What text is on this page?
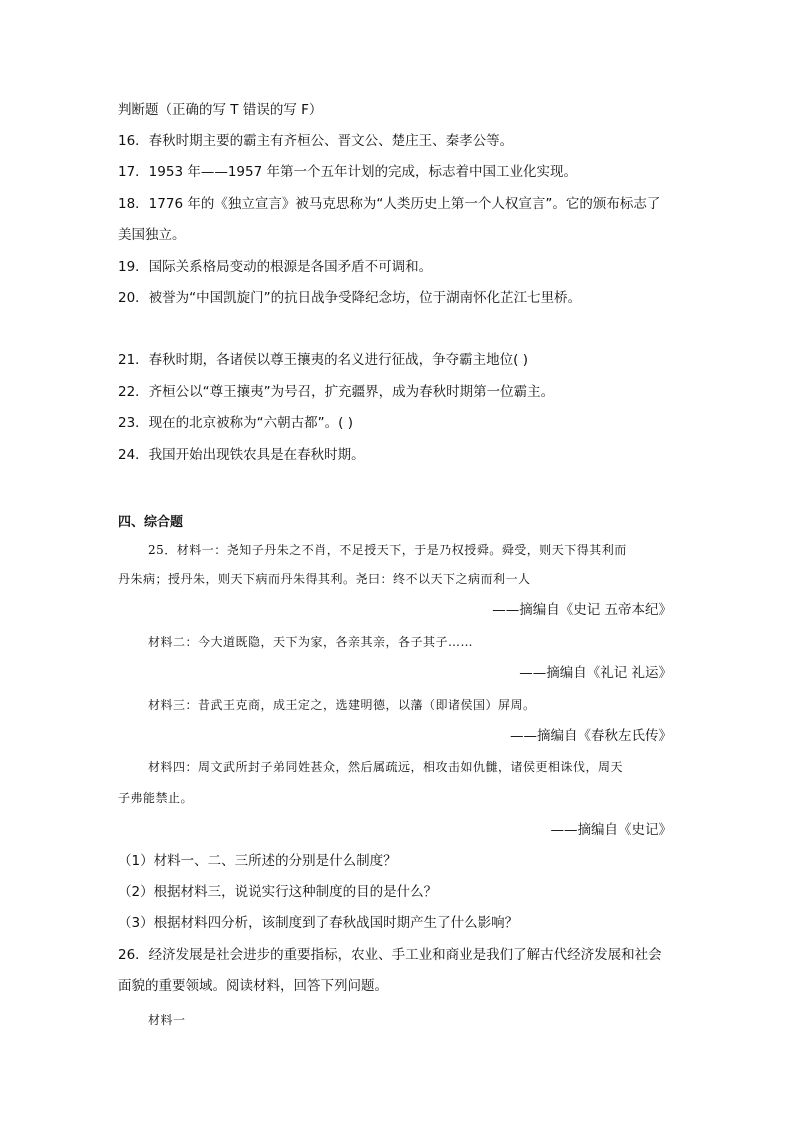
判断题（正确的写 T 错误的写 F）
16．春秋时期主要的霸主有齐桓公、晋文公、楚庄王、秦孝公等。
17．1953 年——1957 年第一个五年计划的完成，标志着中国工业化实现。
18．1776 年的《独立宣言》被马克思称为“人类历史上第一个人权宣言”。它的颁布标志了
美国独立。
19．国际关系格局变动的根源是各国矛盾不可调和。
20．被誉为“中国凯旋门”的抗日战争受降纪念坊，位于湖南怀化芷江七里桥。
21．春秋时期，各诸侯以尊王攘夷的名义进行征战，争夺霸主地位( )
22．齐桓公以“尊王攘夷”为号召，扩充疆界，成为春秋时期第一位霸主。
23．现在的北京被称为“六朝古都”。( )
24．我国开始出现铁农具是在春秋时期。
四、综合题
25．材料一：尧知子丹朱之不肖，不足授天下，于是乃权授舜。舜受，则天下得其利而
丹朱病；授丹朱，则天下病而丹朱得其利。尧曰：终不以天下之病而利一人
——摘编自《史记 五帝本纪》
材料二：今大道既隐，天下为家，各亲其亲，各子其子……
——摘编自《礼记 礼运》
材料三：昔武王克商，成王定之，选建明德，以藩（即诸侯国）屏周。
——摘编自《春秋左氏传》
材料四：周文武所封子弟同姓甚众，然后属疏远，相攻击如仇雠，诸侯更相诛伐，周天
子弗能禁止。
——摘编自《史记》
（1）材料一、二、三所述的分别是什么制度？
（2）根据材料三，说说实行这种制度的目的是什么？
（3）根据材料四分析，该制度到了春秋战国时期产生了什么影响？
26．经济发展是社会进步的重要指标，农业、手工业和商业是我们了解古代经济发展和社会
面貌的重要领域。阅读材料，回答下列问题。
材料一
